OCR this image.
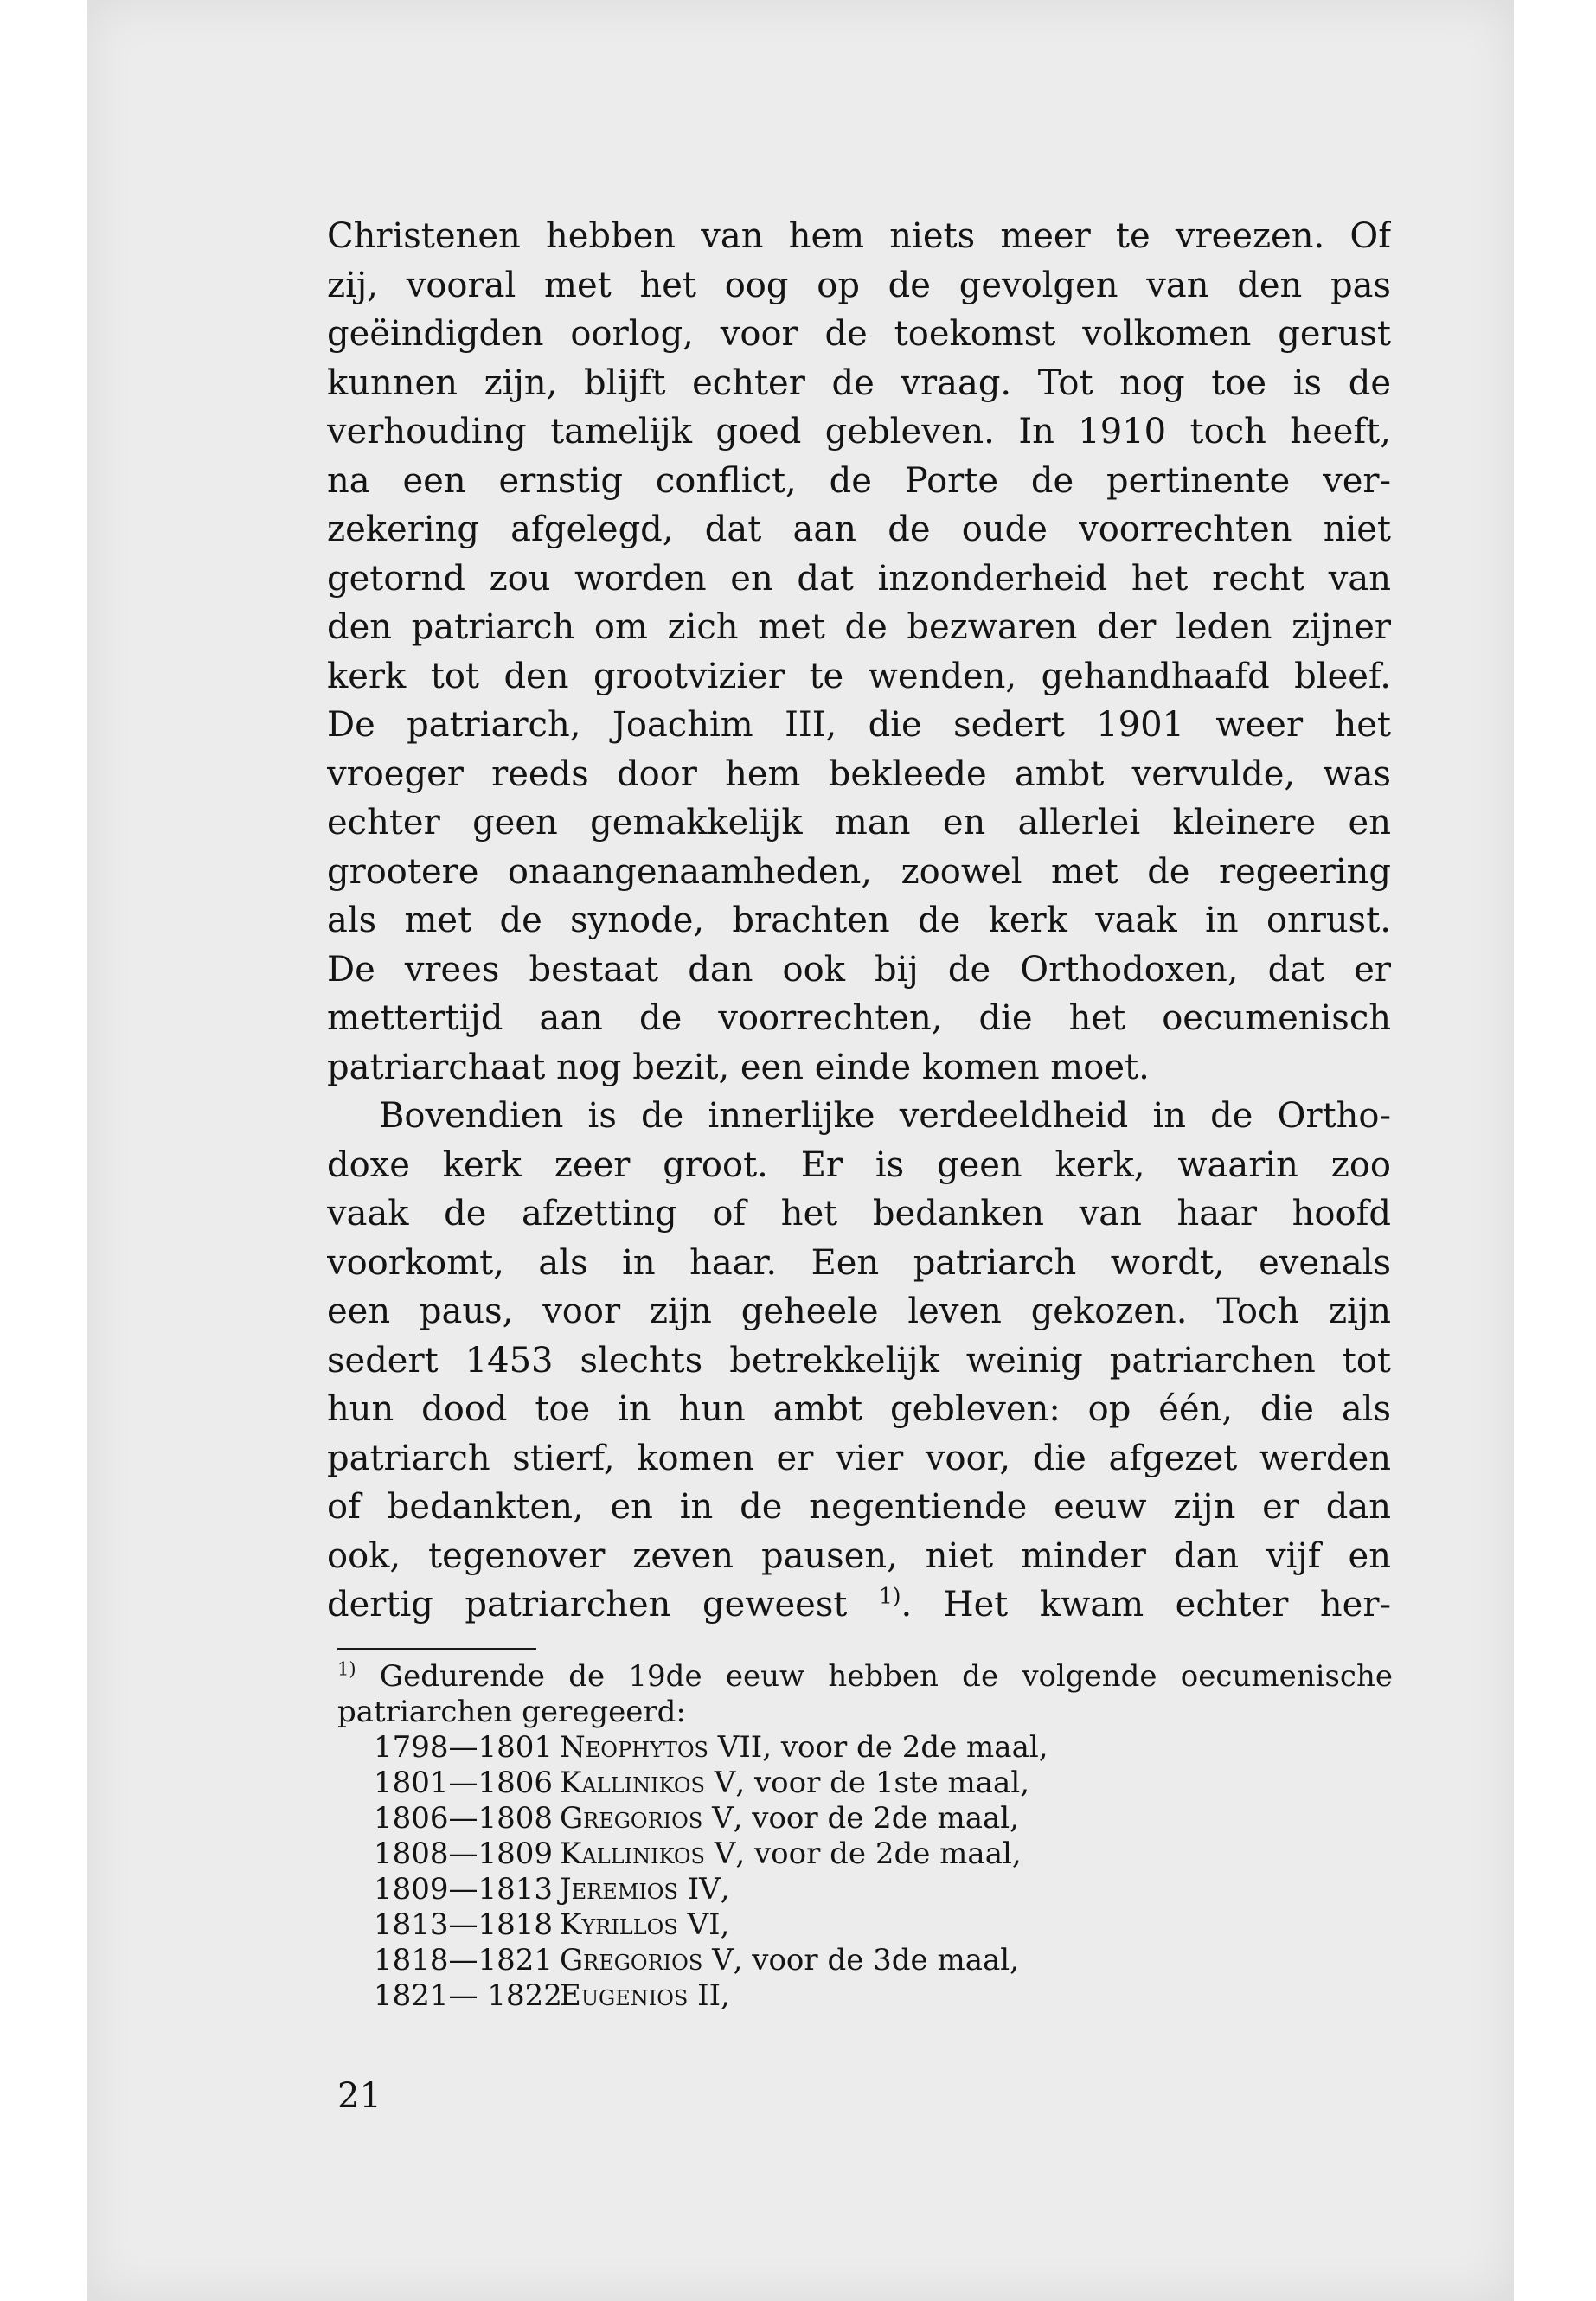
Christenen hebben van hem niets meer te vreezen. Of
zij, vooral met het oog op de gevolgen van den pas
geëindigden oorlog, voor de toekomst volkomen gerust
kunnen zijn, blijft echter de vraag. Tot nog toe is de
verhouding tamelijk goed gebleven. In 1910 toch heeft,
na een ernstig conflict, de Porte de pertinente ver-
zekering afgelegd, dat aan de oude voorrechten niet
getornd zou worden en dat inzonderheid het recht van
den patriarch om zich met de bezwaren der leden zijner
kerk tot den grootvizier te wenden, gehandhaafd bleef.
De patriarch, Joachim III, die sedert 1901 weer het
vroeger reeds door hem bekleede ambt vervulde, was
echter geen gemakkelijk man en allerlei kleinere en
grootere onaangenaamheden, zoowel met de regeering
als met de synode, brachten de kerk vaak in onrust.
De vrees bestaat dan ook bij de Orthodoxen, dat er
mettertijd aan de voorrechten, die het oecumenisch
patriarchaat nog bezit, een einde komen moet.
Bovendien is de innerlijke verdeeldheid in de Ortho-
doxe kerk zeer groot. Er is geen kerk, waarin zoo
vaak de afzetting of het bedanken van haar hoofd
voorkomt, als in haar. Een patriarch wordt, evenals
een paus, voor zijn geheele leven gekozen. Toch zijn
sedert 1453 slechts betrekkelijk weinig patriarchen tot
hun dood toe in hun ambt gebleven: op één, die als
patriarch stierf, komen er vier voor, die afgezet werden
of bedankten, en in de negentiende eeuw zijn er dan
ook, tegenover zeven pausen, niet minder dan vijf en
dertig patriarchen geweest $^{1)}$. Het kwam echter her-
$^{1)}$ Gedurende de 19de eeuw hebben de volgende oecumenische
patriarchen geregeerd:
1798—1801 Neophytos VII, voor de 2de maal,
1801—1806 Kallinikos V, voor de 1ste maal,
1806—1808 Gregorios V, voor de 2de maal,
1808—1809 Kallinikos V, voor de 2de maal,
1809—1813 Jeremios IV,
1813—1818 Kyrillos VI,
1818—1821 Gregorios V, voor de 3de maal,
1821— 1822Eugenios II,
21
